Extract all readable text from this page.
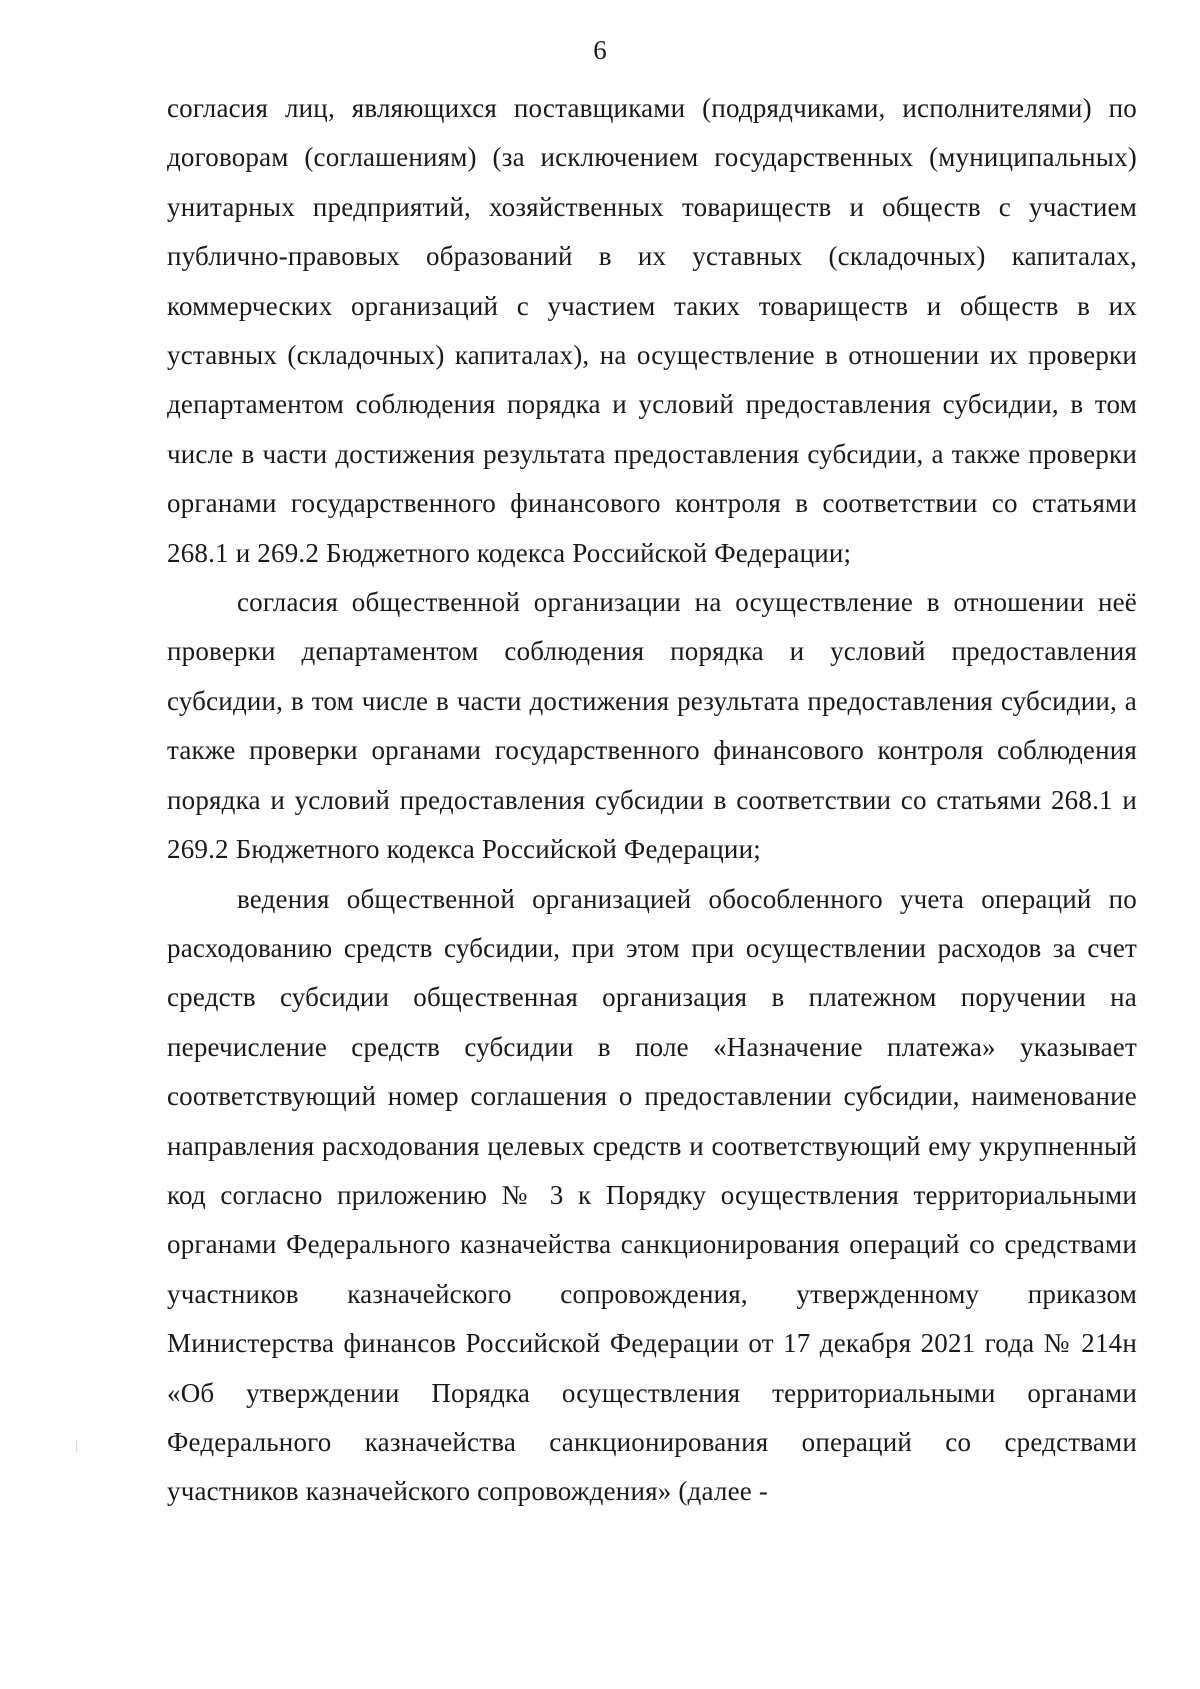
6

согласия лиц, являющихся поставщиками (подрядчиками, исполнителями) по договорам (соглашениям) (за исключением государственных (муниципальных) унитарных предприятий, хозяйственных товариществ и обществ с участием публично-правовых образований в их уставных (складочных) капиталах, коммерческих организаций с участием таких товариществ и обществ в их уставных (складочных) капиталах), на осуществление в отношении их проверки департаментом соблюдения порядка и условий предоставления субсидии, в том числе в части достижения результата предоставления субсидии, а также проверки органами государственного финансового контроля в соответствии со статьями 268.1 и 269.2 Бюджетного кодекса Российской Федерации;

согласия общественной организации на осуществление в отношении неё проверки департаментом соблюдения порядка и условий предоставления субсидии, в том числе в части достижения результата предоставления субсидии, а также проверки органами государственного финансового контроля соблюдения порядка и условий предоставления субсидии в соответствии со статьями 268.1 и 269.2 Бюджетного кодекса Российской Федерации;

ведения общественной организацией обособленного учета операций по расходованию средств субсидии, при этом при осуществлении расходов за счет средств субсидии общественная организация в платежном поручении на перечисление средств субсидии в поле «Назначение платежа» указывает соответствующий номер соглашения о предоставлении субсидии, наименование направления расходования целевых средств и соответствующий ему укрупненный код согласно приложению № 3 к Порядку осуществления территориальными органами Федерального казначейства санкционирования операций со средствами участников казначейского сопровождения, утвержденному приказом Министерства финансов Российской Федерации от 17 декабря 2021 года № 214н «Об утверждении Порядка осуществления территориальными органами Федерального казначейства санкционирования операций со средствами участников казначейского сопровождения» (далее -
